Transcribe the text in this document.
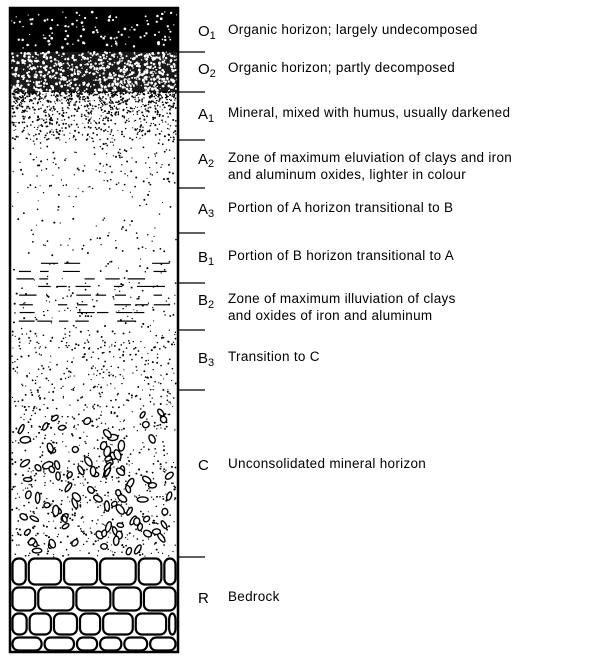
$O_1$ Organic horizon; largely undecomposed
$O_2$ Organic horizon; partly decomposed
$A_1$ Mineral, mixed with humus, usually darkened
$A_2$ Zone of maximum eluviation of clays and iron
and aluminum oxides, lighter in colour
$A_3$ Portion of A horizon transitional to B
$B_1$ Portion of B horizon transitional to A
$B_2$ Zone of maximum illuviation of clays
and oxides of iron and aluminum
$B_3$ Transition to C
C Unconsolidated mineral horizon
R Bedrock
